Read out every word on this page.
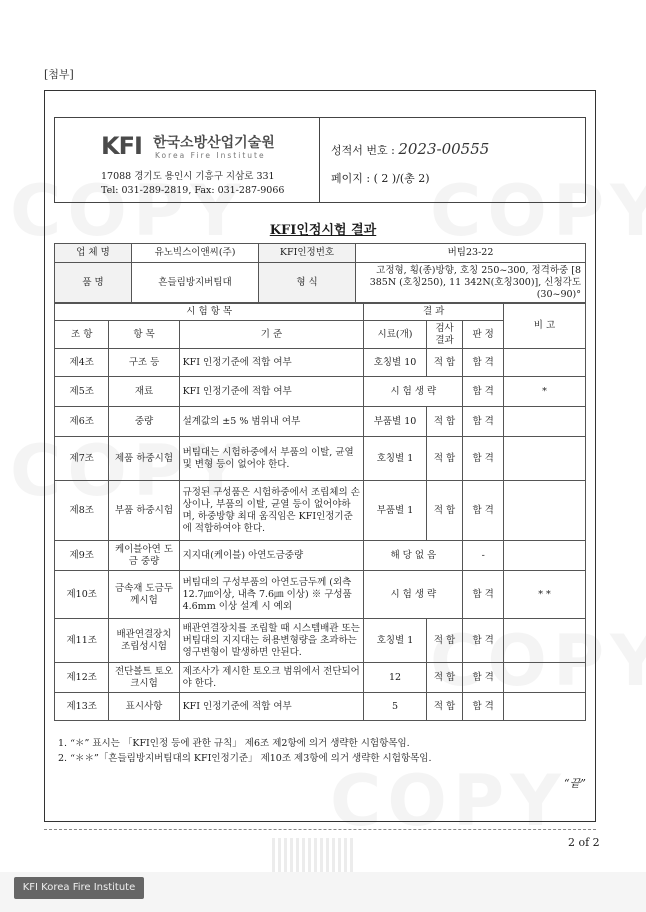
[첨부]
KFI 한국소방산업기술원
Korea Fire Institute
17088 경기도 용인시 기흥구 지삼로 331
Tel: 031-289-2819, Fax: 031-287-9066
성적서 번호 : 2023-00555
페이지 : ( 2 )/(총 2)
KFI인정시험 결과
업 체 명	유노빅스이앤씨(주)	KFI인정번호	버팀23-22
품 명	흔들림방지버팀대	형 식	고정형, 횡(종)방향, 호칭 250~300, 정격하중 [8 385N (호칭250), 11 342N(호칭300)], 신청각도 (30~90)°
시 험 항 목			결 과			비 고
조 항	항 목	기 준	시료(개)	검사 결과	판 정	
제4조	구조 등	KFI 인정기준에 적합 여부	호칭별 10	적 합	합 격	
제5조	재료	KFI 인정기준에 적합 여부	시 험 생 략		합 격	*
제6조	중량	설계값의 ±5 % 범위내 여부	부품별 10	적 합	합 격	
제7조	제품 하중시험	버팀대는 시험하중에서 부품의 이탈, 균열 및 변형 등이 없어야 한다.	호칭별 1	적 합	합 격	
제8조	부품 하중시험	규정된 구성품은 시험하중에서 조립체의 손상이나, 부품의 이탈, 균열 등이 없어야하며, 하중방향 최대 움직임은 KFI인정기준에 적합하여야 한다.	부품별 1	적 합	합 격	
제9조	케이블아연 도금 중량	지지대(케이블) 아연도금중량	해 당 없 음		-	
제10조	금속재 도금두께시험	버팀대의 구성부품의 아연도금두께 (외측 12.7㎛이상, 내측 7.6㎛ 이상) ※ 구성품 4.6mm 이상 설계 시 예외	시 험 생 략		합 격	* *
제11조	배관연결장치 조립성시험	배관연결장치를 조립할 때 시스템배관 또는 버팀대의 지지대는 허용변형량을 초과하는 영구변형이 발생하면 안된다.	호칭별 1	적 합	합 격	
제12조	전단볼트 토오크시험	제조사가 제시한 토오크 범위에서 전단되어야 한다.	12	적 합	합 격	
제13조	표시사항	KFI 인정기준에 적합 여부	5	적 합	합 격	
1. “＊” 표시는 「KFI인정 등에 관한 규칙」 제6조 제2항에 의거 생략한 시험항목임.
2. “＊＊”「흔들림방지버팀대의 KFI인정기준」 제10조 제3항에 의거 생략한 시험항목임.
“끝”
2 of 2
KFI Korea Fire Institute
